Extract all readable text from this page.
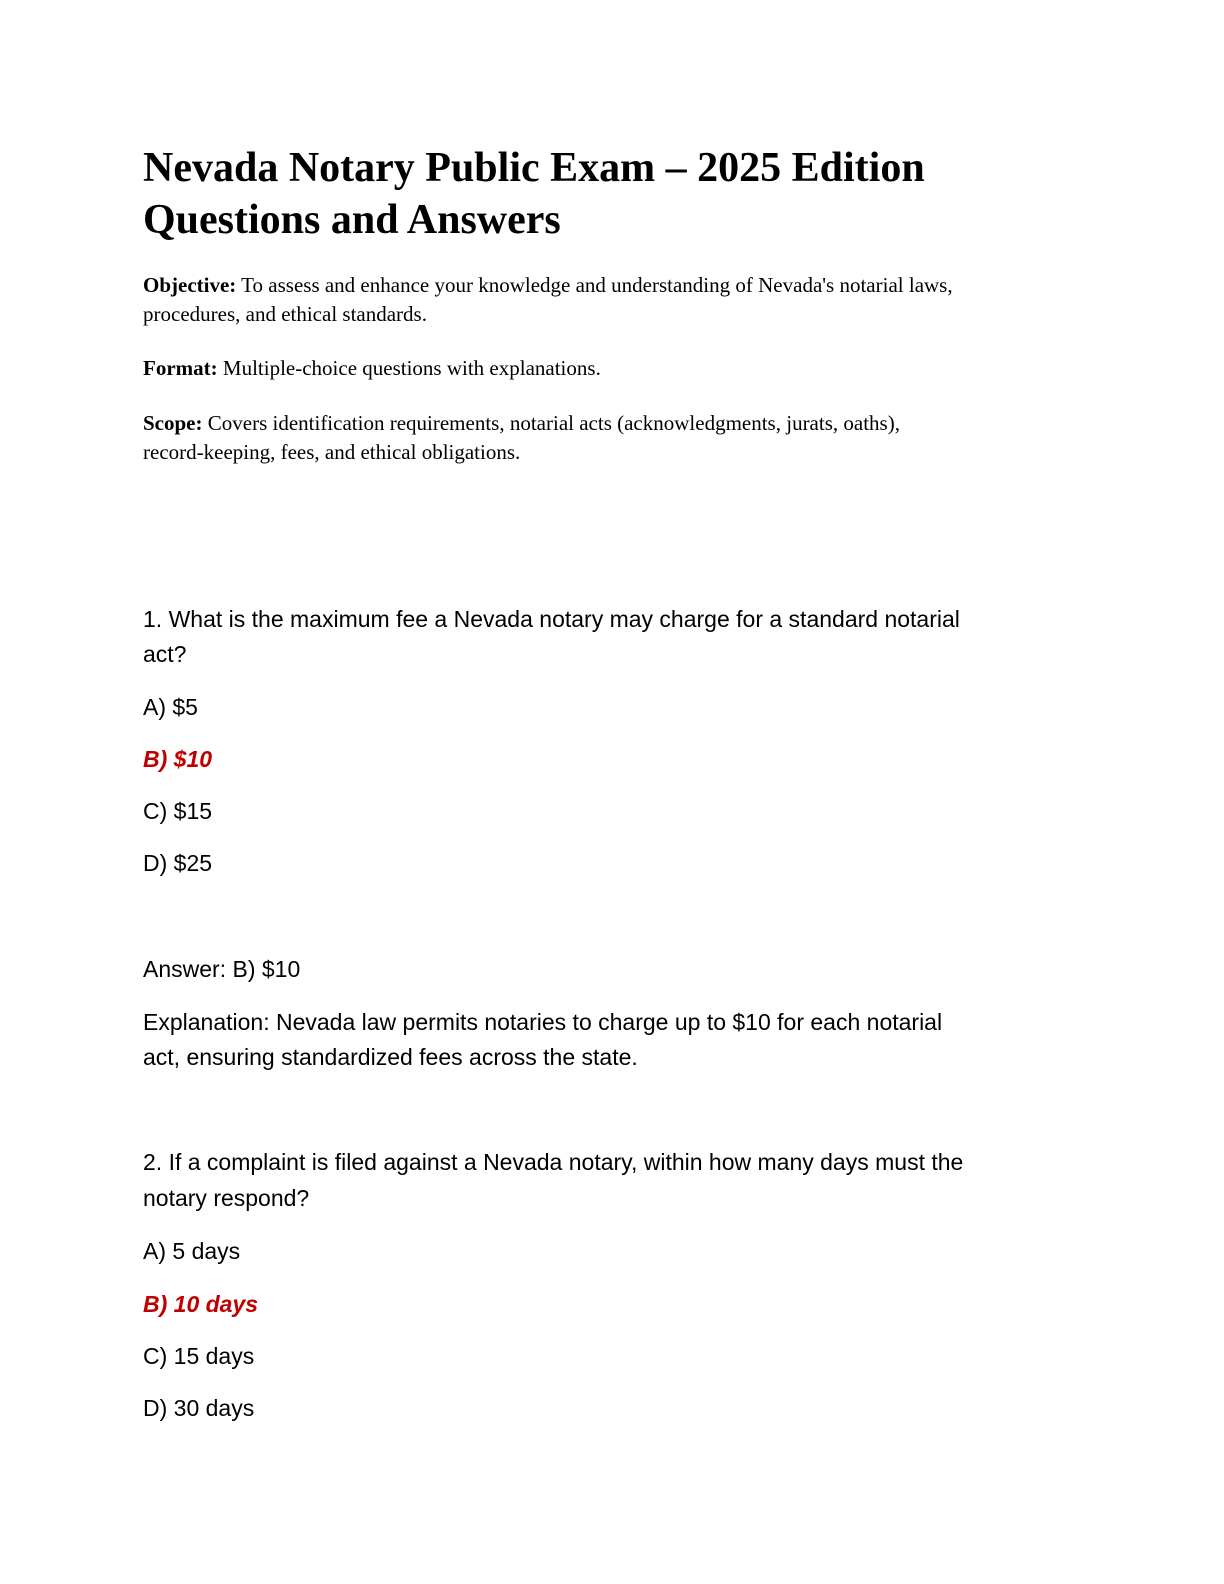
Nevada Notary Public Exam – 2025 Edition
Questions and Answers

Objective: To assess and enhance your knowledge and understanding of Nevada's notarial laws,
procedures, and ethical standards.

Format: Multiple-choice questions with explanations.

Scope: Covers identification requirements, notarial acts (acknowledgments, jurats, oaths),
record-keeping, fees, and ethical obligations.

1. What is the maximum fee a Nevada notary may charge for a standard notarial

act?

A) $5

B) $10

C) $15

D) $25

Answer: B) $10

Explanation: Nevada law permits notaries to charge up to $10 for each notarial

act, ensuring standardized fees across the state.

2. If a complaint is filed against a Nevada notary, within how many days must the

notary respond?

A) 5 days

B) 10 days

C) 15 days

D) 30 days
